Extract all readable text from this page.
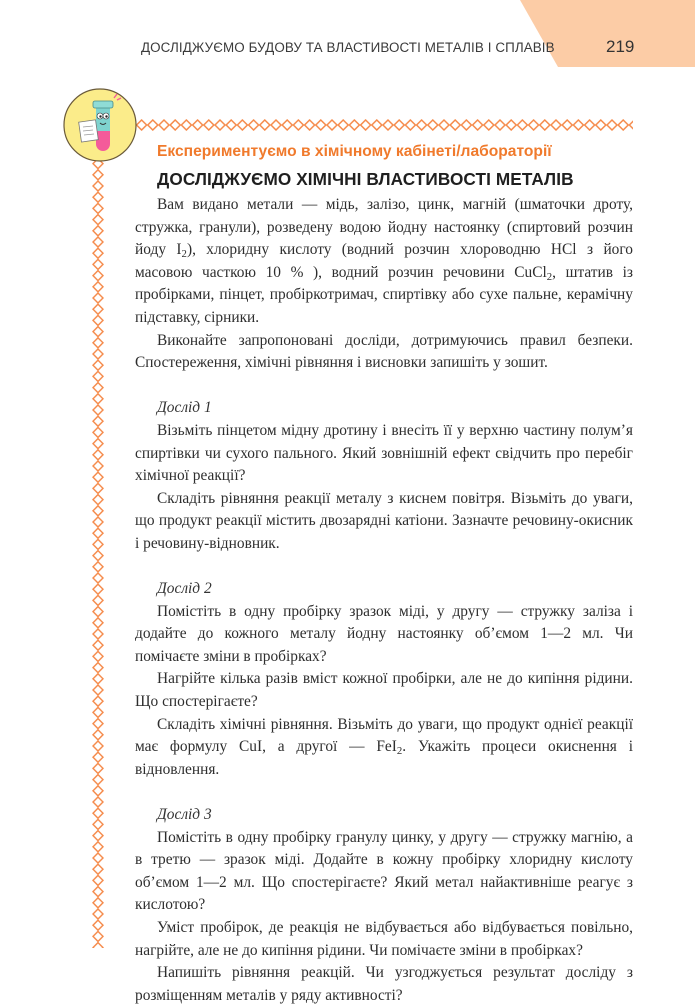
ДОСЛІДЖУЄМО БУДОВУ ТА ВЛАСТИВОСТІ МЕТАЛІВ І СПЛАВІВ	219
Експериментуємо в хімічному кабінеті/лабораторії
ДОСЛІДЖУЄМО ХІМІЧНІ ВЛАСТИВОСТІ МЕТАЛІВ

Вам видано метали — мідь, залізо, цинк, магній (шматочки дроту, стружка, гранули), розведену водою йодну настоянку (спиртовий розчин йоду $I_2$), хлоридну кислоту (водний розчин хлороводню HCl з його масовою часткою 10 % ), водний розчин речовини CuCl$_2$, штатив із пробірками, пінцет, пробіркотримач, спиртівку або сухе пальне, керамічну підставку, сірники.

Виконайте запропоновані досліди, дотримуючись правил безпеки. Спостереження, хімічні рівняння і висновки запишіть у зошит.

Дослід 1

Візьміть пінцетом мідну дротину і внесіть її у верхню частину полум’я спиртівки чи сухого пального. Який зовнішній ефект свідчить про перебіг хімічної реакції?

Складіть рівняння реакції металу з киснем повітря. Візьміть до уваги, що продукт реакції містить двозарядні катіони. Зазначте речовину-окисник і речовину-відновник.

Дослід 2

Помістіть в одну пробірку зразок міді, у другу — стружку заліза і додайте до кожного металу йодну настоянку об’ємом 1—2 мл. Чи помічаєте зміни в пробірках?

Нагрійте кілька разів вміст кожної пробірки, але не до кипіння рідини. Що спостерігаєте?

Складіть хімічні рівняння. Візьміть до уваги, що продукт однієї реакції має формулу CuI, а другої — FeI$_2$. Укажіть процеси окиснення і відновлення.

Дослід 3

Помістіть в одну пробірку гранулу цинку, у другу — стружку магнію, а в третю — зразок міді. Додайте в кожну пробірку хлоридну кислоту об’ємом 1—2 мл. Що спостерігаєте? Який метал найактивніше реагує з кислотою?

Уміст пробірок, де реакція не відбувається або відбувається повільно, нагрійте, але не до кипіння рідини. Чи помічаєте зміни в пробірках?

Напишіть рівняння реакцій. Чи узгоджується результат досліду з розміщенням металів у ряду активності?
